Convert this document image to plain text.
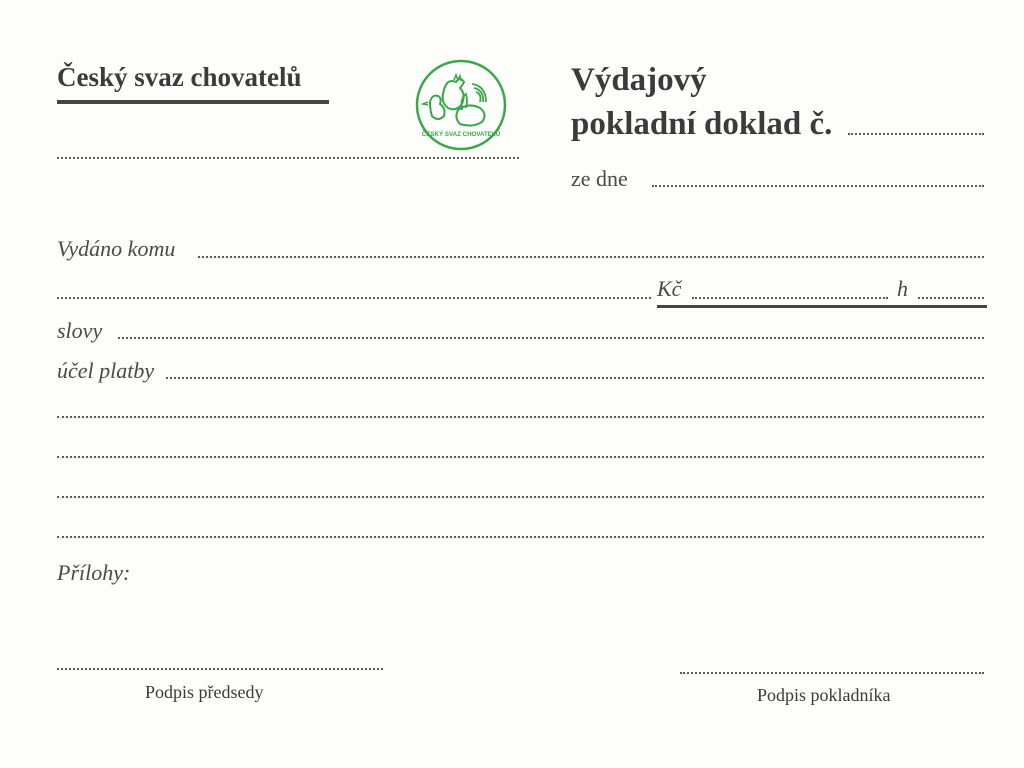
Český svaz chovatelů
ČESKÝ SVAZ CHOVATELŮ
Výdajový
pokladní doklad č.
ze dne
Vydáno komu
Kč	h
slovy
účel platby
Přílohy:
Podpis předsedy	Podpis pokladníka
